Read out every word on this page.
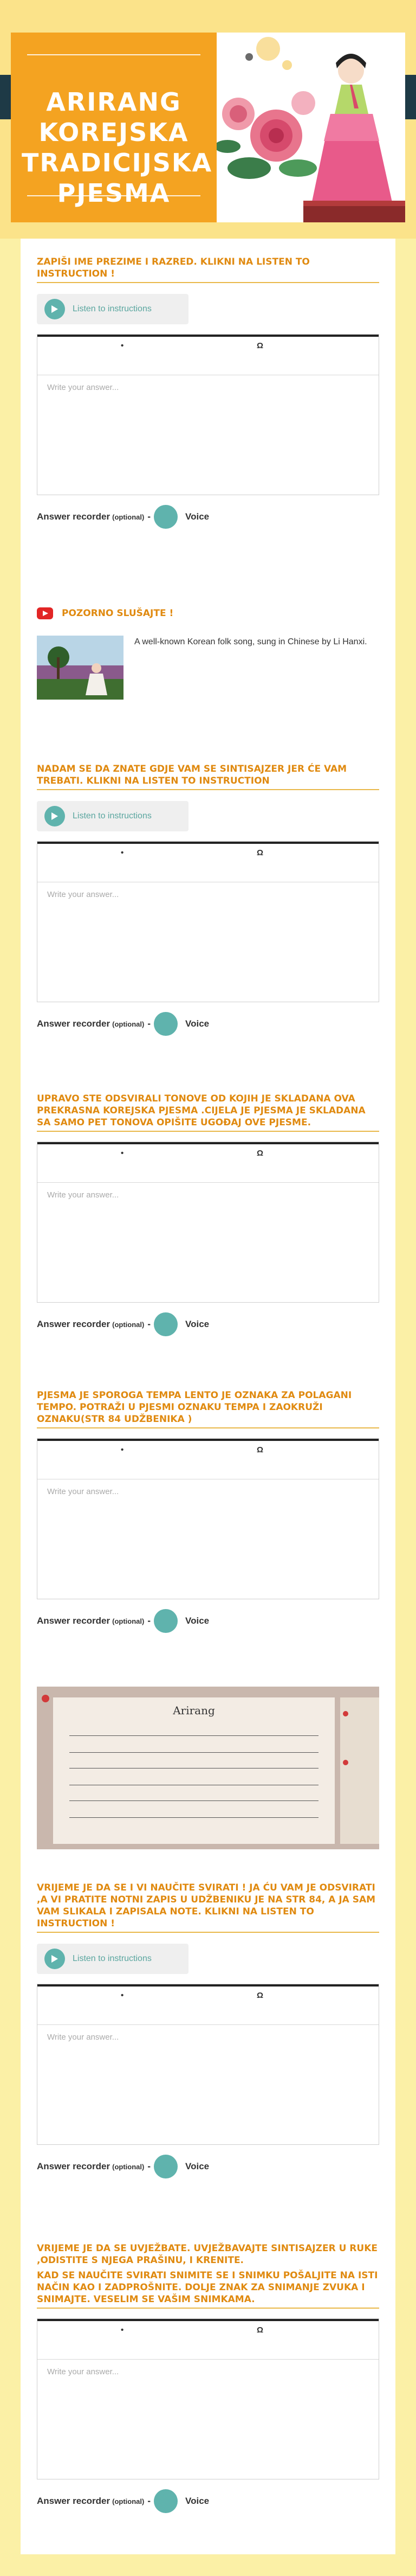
ARIRANG KOREJSKA TRADICIJSKA PJESMA
ZAPIŠI IME PREZIME I RAZRED. KLIKNI NA LISTEN TO INSTRUCTION !
Listen to instructions
•	Ω
Write your answer...
Answer recorder (optional) -	Voice
POZORNO SLUŠAJTE !
A well-known Korean folk song, sung in Chinese by Li Hanxi.
NADAM SE DA ZNATE GDJE VAM SE SINTISAJZER JER ĆE VAM TREBATI. KLIKNI NA LISTEN TO INSTRUCTION
Listen to instructions
•	Ω
Write your answer...
Answer recorder (optional) -	Voice
UPRAVO STE ODSVIRALI TONOVE OD KOJIH JE SKLADANA OVA PREKRASNA KOREJSKA PJESMA .CIJELA JE PJESMA JE SKLADANA SA SAMO PET TONOVA OPIŠITE UGOĐAJ OVE PJESME.
•	Ω
Write your answer...
Answer recorder (optional) -	Voice
PJESMA JE SPOROGA TEMPA LENTO JE OZNAKA ZA POLAGANI TEMPO. POTRAŽI U PJESMI OZNAKU TEMPA I ZAOKRUŽI OZNAKU(STR 84 UDŽBENIKA )
•	Ω
Write your answer...
Answer recorder (optional) -	Voice
Arirang
VRIJEME JE DA SE I VI NAUČITE SVIRATI ! JA ĆU VAM JE ODSVIRATI ,A VI PRATITE NOTNI ZAPIS U UDŽBENIKU JE NA STR 84, A JA SAM VAM SLIKALA I ZAPISALA NOTE. KLIKNI NA LISTEN TO INSTRUCTION !
Listen to instructions
•	Ω
Write your answer...
Answer recorder (optional) -	Voice
VRIJEME JE DA SE UVJEŽBATE. UVJEŽBAVAJTE SINTISAJZER U RUKE ,ODISTITE S NJEGA PRAŠINU, I KRENITE.
KAD SE NAUČITE SVIRATI SNIMITE SE I SNIMKU POŠALJITE NA ISTI NAČIN KAO I ZADPROŠNITE. DOLJE ZNAK ZA SNIMANJE ZVUKA I SNIMAJTE. VESELIM SE VAŠIM SNIMKAMA.
•	Ω
Write your answer...
Answer recorder (optional) -	Voice
